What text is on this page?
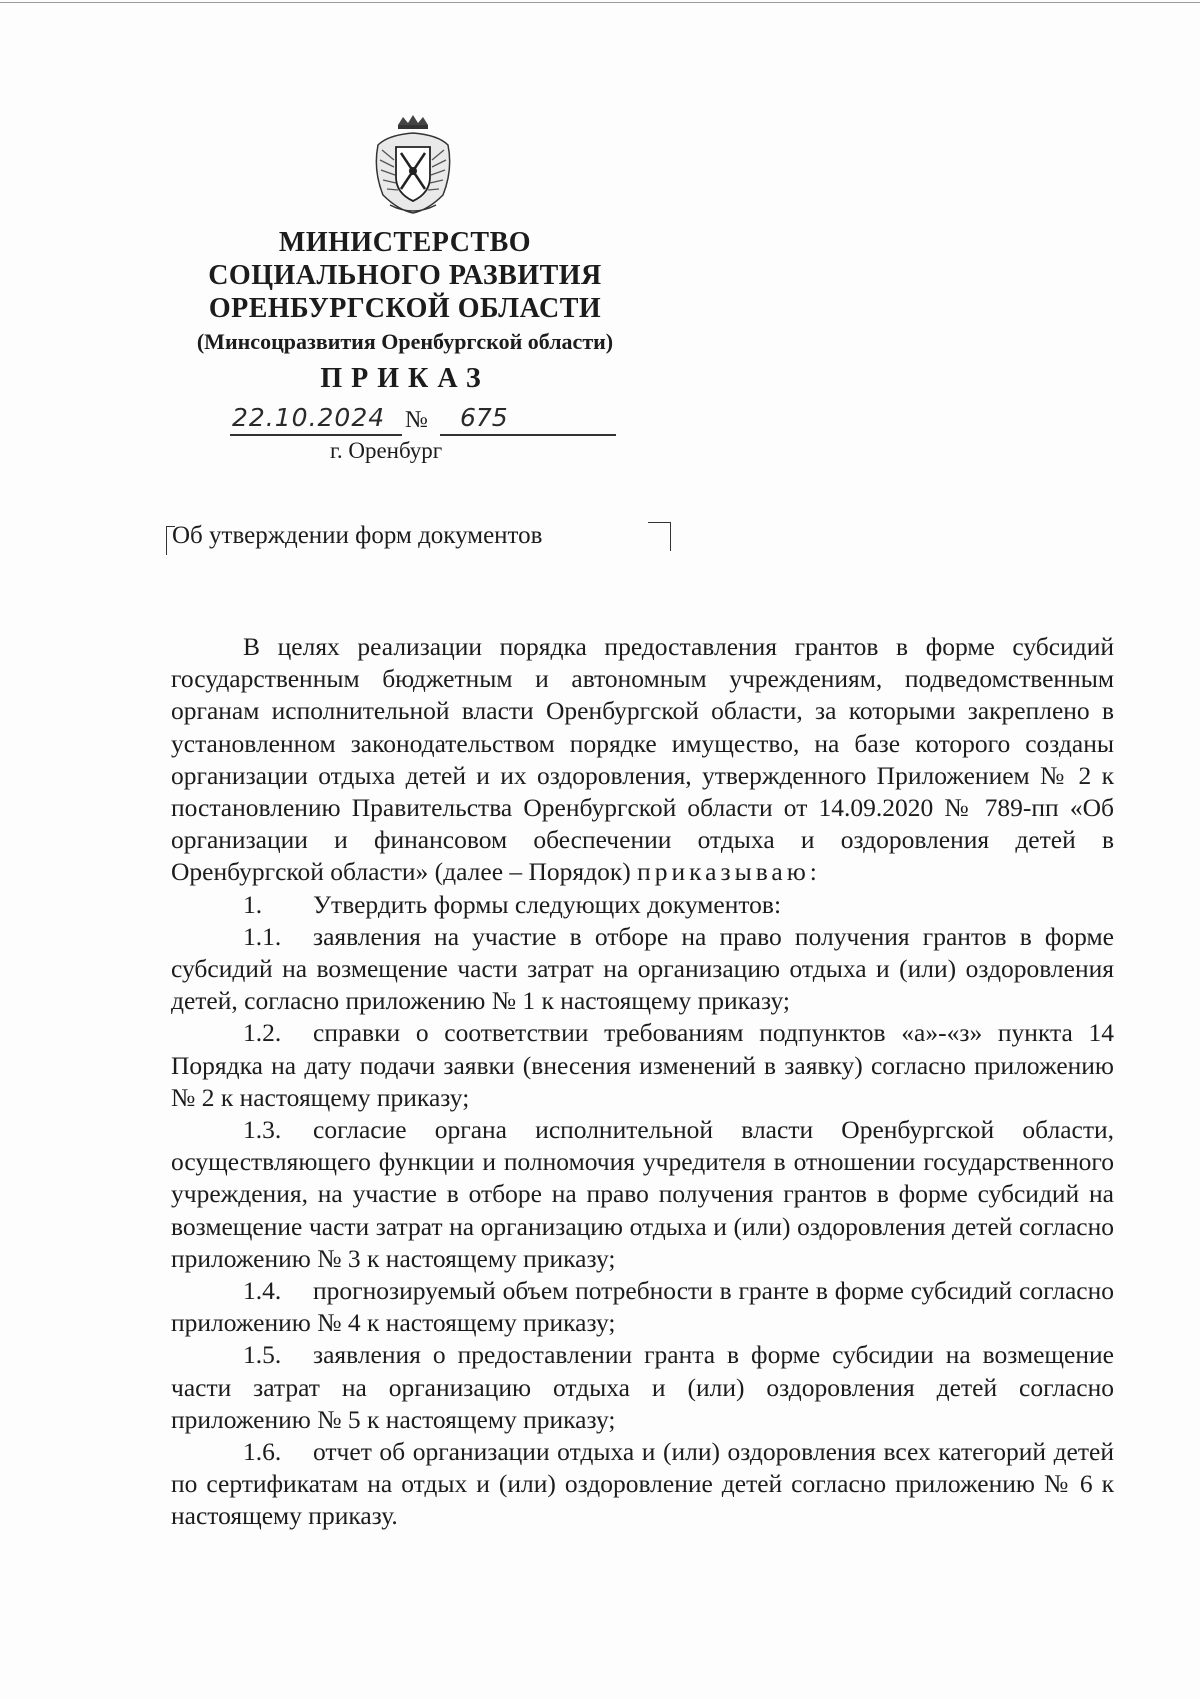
МИНИСТЕРСТВО
СОЦИАЛЬНОГО РАЗВИТИЯ
ОРЕНБУРГСКОЙ ОБЛАСТИ
(Минсоцразвития Оренбургской области)
ПРИКАЗ
22.10.2024 № 675
г. Оренбург
Об утверждении форм документов

В целях реализации порядка предоставления грантов в форме субсидий государственным бюджетным и автономным учреждениям, подведомственным органам исполнительной власти Оренбургской области, за которыми закреплено в установленном законодательством порядке имущество, на базе которого созданы организации отдыха детей и их оздоровления, утвержденного Приложением № 2 к постановлению Правительства Оренбургской области от 14.09.2020 № 789-пп «Об организации и финансовом обеспечении отдыха и оздоровления детей в Оренбургской области» (далее – Порядок) приказываю:

1. Утвердить формы следующих документов:

1.1. заявления на участие в отборе на право получения грантов в форме субсидий на возмещение части затрат на организацию отдыха и (или) оздоровления детей, согласно приложению № 1 к настоящему приказу;

1.2. справки о соответствии требованиям подпунктов «а»-«з» пункта 14 Порядка на дату подачи заявки (внесения изменений в заявку) согласно приложению № 2 к настоящему приказу;

1.3. согласие органа исполнительной власти Оренбургской области, осуществляющего функции и полномочия учредителя в отношении государственного учреждения, на участие в отборе на право получения грантов в форме субсидий на возмещение части затрат на организацию отдыха и (или) оздоровления детей согласно приложению № 3 к настоящему приказу;

1.4. прогнозируемый объем потребности в гранте в форме субсидий согласно приложению № 4 к настоящему приказу;

1.5. заявления о предоставлении гранта в форме субсидии на возмещение части затрат на организацию отдыха и (или) оздоровления детей согласно приложению № 5 к настоящему приказу;

1.6. отчет об организации отдыха и (или) оздоровления всех категорий детей по сертификатам на отдых и (или) оздоровление детей согласно приложению № 6 к настоящему приказу.
